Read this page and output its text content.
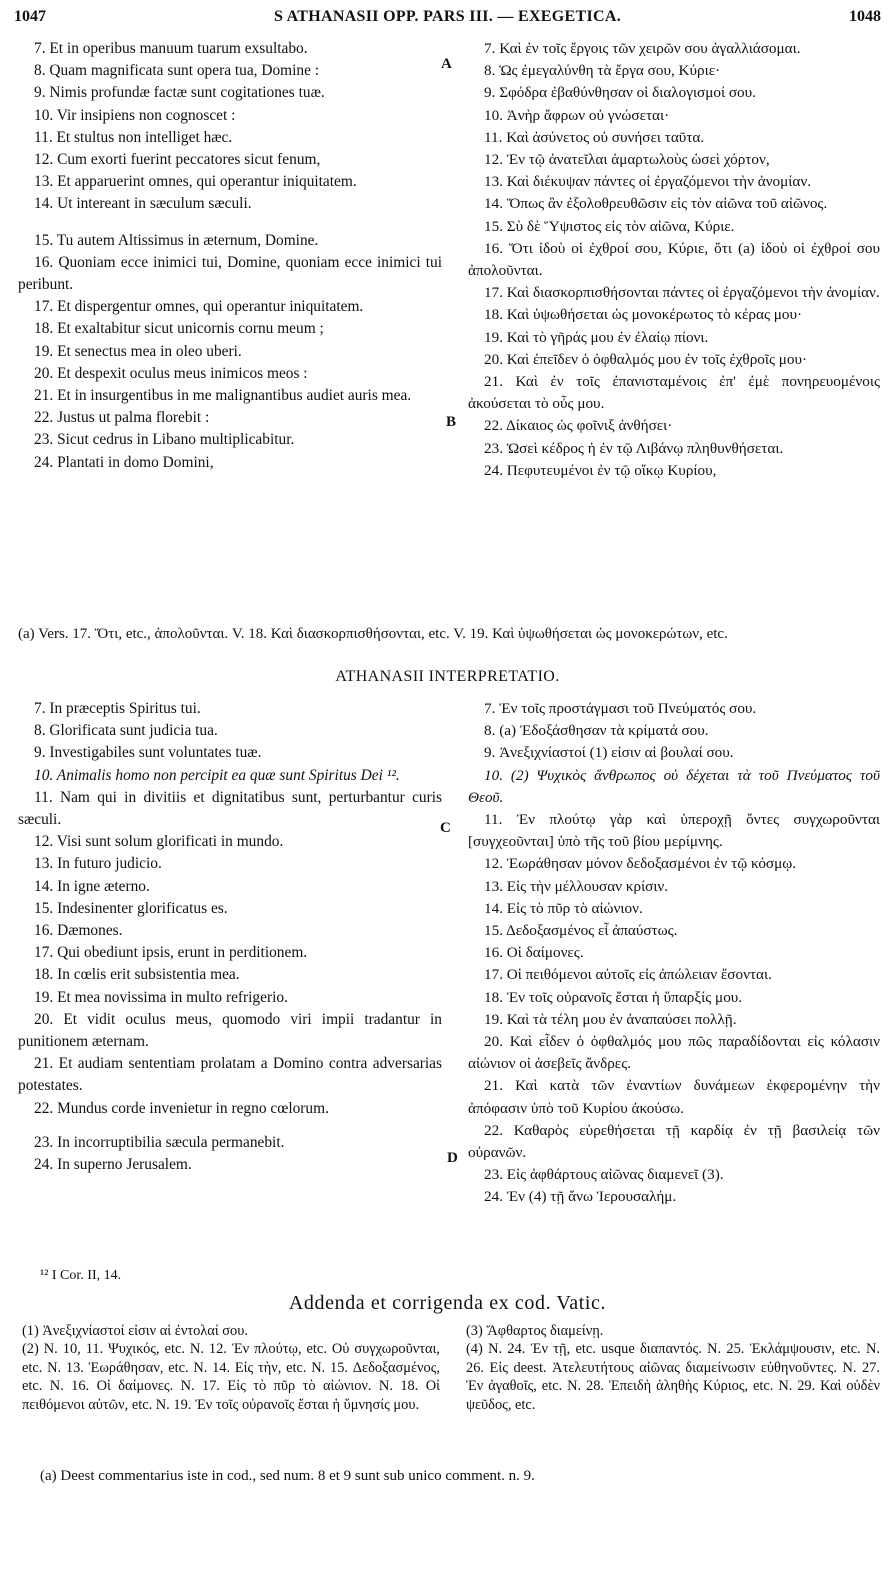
1047	S ATHANASII OPP. PARS III. — EXEGETICA.	1048
7. Et in operibus manuum tuarum exsultabo.
8. Quam magnificata sunt opera tua, Domine :
9. Nimis profundæ factæ sunt cogitationes tuæ.
10. Vir insipiens non cognoscet :
11. Et stultus non intelliget hæc.
12. Cum exorti fuerint peccatores sicut fenum,
13. Et apparuerint omnes, qui operantur iniquitatem.
14. Ut intereant in sæculum sæculi.
15. Tu autem Altissimus in æternum, Domine.
16. Quoniam ecce inimici tui, Domine, quoniam ecce inimici tui peribunt.
17. Et dispergentur omnes, qui operantur iniquitatem.
18. Et exaltabitur sicut unicornis cornu meum ;
19. Et senectus mea in oleo uberi.
20. Et despexit oculus meus inimicos meos :
21. Et in insurgentibus in me malignantibus audiet auris mea.
22. Justus ut palma florebit :
23. Sicut cedrus in Libano multiplicabitur.
24. Plantati in domo Domini,
7. Καὶ ἐν τοῖς ἔργοις τῶν χειρῶν σου ἀγαλλιάσομαι.
8. Ὡς ἐμεγαλύνθη τὰ ἔργα σου, Κύριε·
9. Σφόδρα ἐβαθύνθησαν οἱ διαλογισμοί σου.
10. Ἀνὴρ ἄφρων οὐ γνώσεται·
11. Καὶ ἀσύνετος οὐ συνήσει ταῦτα.
12. Ἐν τῷ ἀνατεῖλαι ἁμαρτωλοὺς ὡσεὶ χόρτον,
13. Καὶ διέκυψαν πάντες οἱ ἐργαζόμενοι τὴν ἀνομίαν.
14. Ὅπως ἂν ἐξολοθρευθῶσιν εἰς τὸν αἰῶνα τοῦ αἰῶνος.
15. Σὺ δὲ Ὕψιστος εἰς τὸν αἰῶνα, Κύριε.
16. Ὅτι ἰδοὺ οἱ ἐχθροί σου, Κύριε, ὅτι (a) ἰδοὺ οἱ ἐχθροί σου ἀπολοῦνται.
17. Καὶ διασκορπισθήσονται πάντες οἱ ἐργαζόμενοι τὴν ἀνομίαν.
18. Καὶ ὑψωθήσεται ὡς μονοκέρωτος τὸ κέρας μου·
19. Καὶ τὸ γῆράς μου ἐν ἐλαίῳ πίονι.
20. Καὶ ἐπεῖδεν ὁ ὀφθαλμός μου ἐν τοῖς ἐχθροῖς μου·
21. Καὶ ἐν τοῖς ἐπανισταμένοις ἐπ' ἐμὲ πονηρευομένοις ἀκούσεται τὸ οὖς μου.
22. Δίκαιος ὡς φοῖνιξ ἀνθήσει·
23. Ὡσεὶ κέδρος ἡ ἐν τῷ Λιβάνῳ πληθυνθήσεται.
24. Πεφυτευμένοι ἐν τῷ οἴκῳ Κυρίου,
A
B
(a) Vers. 17. Ὅτι, etc., ἀπολοῦνται. V. 18. Καὶ διασκορπισθήσονται, etc. V. 19. Καὶ ὑψωθήσεται ὡς μονοκερώτων, etc.
ATHANASII INTERPRETATIO.
7. In præceptis Spiritus tui.
8. Glorificata sunt judicia tua.
9. Investigabiles sunt voluntates tuæ.
10. Animalis homo non percipit ea quæ sunt Spiritus Dei ¹².
11. Nam qui in divitiis et dignitatibus sunt, perturbantur curis sæculi.
12. Visi sunt solum glorificati in mundo.
13. In futuro judicio.
14. In igne æterno.
15. Indesinenter glorificatus es.
16. Dæmones.
17. Qui obediunt ipsis, erunt in perditionem.
18. In cœlis erit subsistentia mea.
19. Et mea novissima in multo refrigerio.
20. Et vidit oculus meus, quomodo viri impii tradantur in punitionem æternam.
21. Et audiam sententiam prolatam a Domino contra adversarias potestates.
22. Mundus corde invenietur in regno cœlorum.
23. In incorruptibilia sæcula permanebit.
24. In superno Jerusalem.
7. Ἐν τοῖς προστάγμασι τοῦ Πνεύματός σου.
8. (a) Ἐδοξάσθησαν τὰ κρίματά σου.
9. Ἀνεξιχνίαστοί (1) εἰσιν αἱ βουλαί σου.
10. (2) Ψυχικὸς ἄνθρωπος οὐ δέχεται τὰ τοῦ Πνεύματος τοῦ Θεοῦ.
11. Ἐν πλούτῳ γὰρ καὶ ὑπεροχῇ ὄντες συγχωροῦνται [συγχεοῦνται] ὑπὸ τῆς τοῦ βίου μερίμνης.
12. Ἑωράθησαν μόνον δεδοξασμένοι ἐν τῷ κόσμῳ.
13. Εἰς τὴν μέλλουσαν κρίσιν.
14. Εἰς τὸ πῦρ τὸ αἰώνιον.
15. Δεδοξασμένος εἶ ἀπαύστως.
16. Οἱ δαίμονες.
17. Οἱ πειθόμενοι αὐτοῖς εἰς ἀπώλειαν ἔσονται.
18. Ἐν τοῖς οὐρανοῖς ἔσται ἡ ὕπαρξίς μου.
19. Καὶ τὰ τέλη μου ἐν ἀναπαύσει πολλῇ.
20. Καὶ εἶδεν ὁ ὀφθαλμός μου πῶς παραδίδονται εἰς κόλασιν αἰώνιον οἱ ἀσεβεῖς ἄνδρες.
21. Καὶ κατὰ τῶν ἐναντίων δυνάμεων ἐκφερομένην τὴν ἀπόφασιν ὑπὸ τοῦ Κυρίου ἀκούσω.
22. Καθαρὸς εὑρεθήσεται τῇ καρδίᾳ ἐν τῇ βασιλείᾳ τῶν οὐρανῶν.
23. Εἰς ἀφθάρτους αἰῶνας διαμενεῖ (3).
24. Ἐν (4) τῇ ἄνω Ἱερουσαλήμ.
C
D
¹² I Cor. II, 14.
Addenda et corrigenda ex cod. Vatic.
(1) Ἀνεξιχνίαστοί εἰσιν αἱ ἐντολαί σου.
(2) N. 10, 11. Ψυχικός, etc. N. 12. Ἐν πλούτῳ, etc. Οὐ συγχωροῦνται, etc. N. 13. Ἑωράθησαν, etc. N. 14. Εἰς τὴν, etc. N. 15. Δεδοξασμένος, etc. N. 16. Οἱ δαίμονες. N. 17. Εἰς τὸ πῦρ τὸ αἰώνιον. N. 18. Οἱ πειθόμενοι αὐτῶν, etc. N. 19. Ἐν τοῖς οὐρανοῖς ἔσται ἡ ὕμνησίς μου.
(3) Ἄφθαρτος διαμείνῃ.
(4) N. 24. Ἐν τῇ, etc. usque διαπαντός. N. 25. Ἐκλάμψουσιν, etc. N. 26. Εἰς deest. Ἀτελευτήτους αἰῶνας διαμείνωσιν εὐθηνοῦντες. N. 27. Ἐν ἀγαθοῖς, etc. N. 28. Ἐπειδὴ ἀληθὴς Κύριος, etc. N. 29. Καὶ οὐδὲν ψεῦδος, etc.
(a) Deest commentarius iste in cod., sed num. 8 et 9 sunt sub unico comment. n. 9.
